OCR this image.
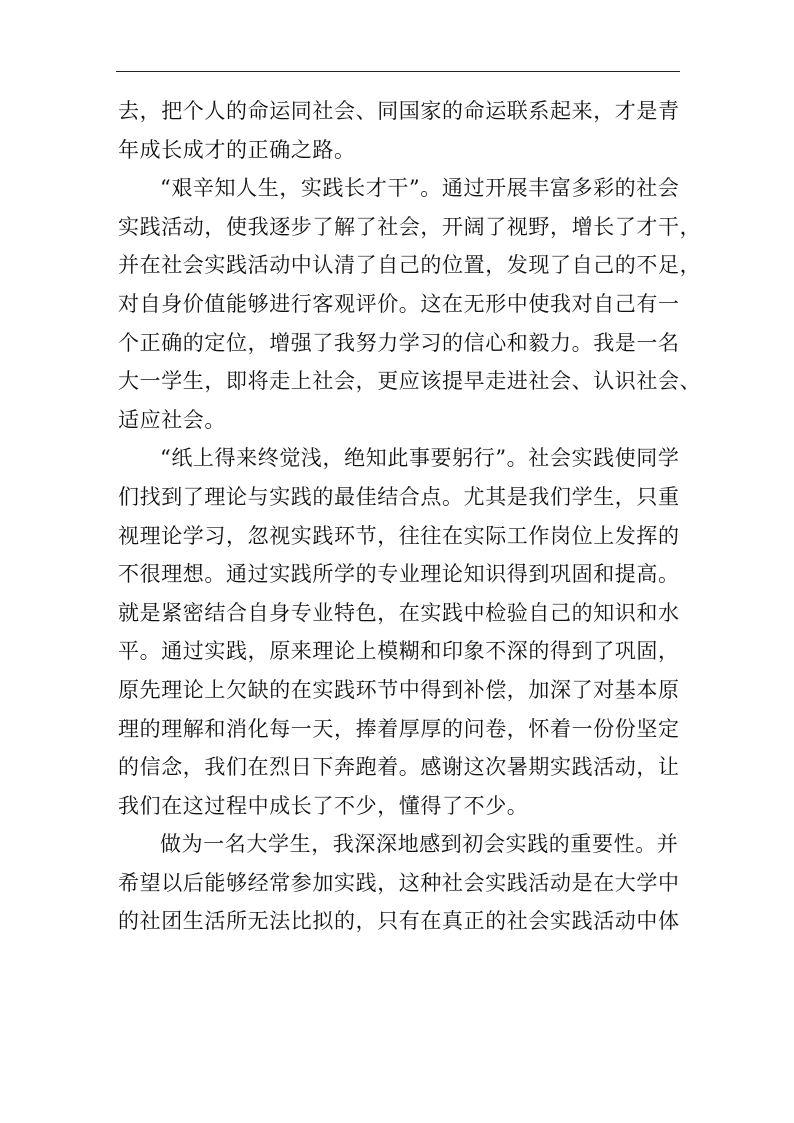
去，把个人的命运同社会、同国家的命运联系起来，才是青
年成长成才的正确之路。
“艰辛知人生，实践长才干”。通过开展丰富多彩的社会
实践活动，使我逐步了解了社会，开阔了视野，增长了才干，
并在社会实践活动中认清了自己的位置，发现了自己的不足，
对自身价值能够进行客观评价。这在无形中使我对自己有一
个正确的定位，增强了我努力学习的信心和毅力。我是一名
大一学生，即将走上社会，更应该提早走进社会、认识社会、
适应社会。
“纸上得来终觉浅，绝知此事要躬行”。社会实践使同学
们找到了理论与实践的最佳结合点。尤其是我们学生，只重
视理论学习，忽视实践环节，往往在实际工作岗位上发挥的
不很理想。通过实践所学的专业理论知识得到巩固和提高。
就是紧密结合自身专业特色，在实践中检验自己的知识和水
平。通过实践，原来理论上模糊和印象不深的得到了巩固，
原先理论上欠缺的在实践环节中得到补偿，加深了对基本原
理的理解和消化每一天，捧着厚厚的问卷，怀着一份份坚定
的信念，我们在烈日下奔跑着。感谢这次暑期实践活动，让
我们在这过程中成长了不少，懂得了不少。
做为一名大学生，我深深地感到初会实践的重要性。并
希望以后能够经常参加实践，这种社会实践活动是在大学中
的社团生活所无法比拟的，只有在真正的社会实践活动中体
